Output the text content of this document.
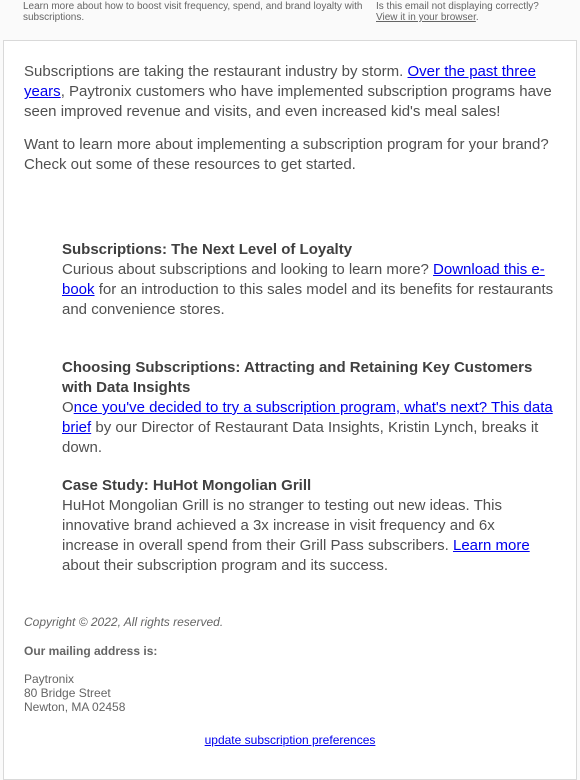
Learn more about how to boost visit frequency, spend, and brand loyalty with subscriptions.
Is this email not displaying correctly?
View it in your browser.

Subscriptions are taking the restaurant industry by storm. Over the past three years, Paytronix customers who have implemented subscription programs have seen improved revenue and visits, and even increased kid's meal sales!

Want to learn more about implementing a subscription program for your brand? Check out some of these resources to get started.

Subscriptions: The Next Level of Loyalty

Curious about subscriptions and looking to learn more? Download this e-book for an introduction to this sales model and its benefits for restaurants and convenience stores.

Choosing Subscriptions: Attracting and Retaining Key Customers with Data Insights

Once you've decided to try a subscription program, what's next? This data brief by our Director of Restaurant Data Insights, Kristin Lynch, breaks it down.

Case Study: HuHot Mongolian Grill

HuHot Mongolian Grill is no stranger to testing out new ideas. This innovative brand achieved a 3x increase in visit frequency and 6x increase in overall spend from their Grill Pass subscribers. Learn more about their subscription program and its success.

Copyright © 2022, All rights reserved.
Our mailing address is:
Paytronix
80 Bridge Street
Newton, MA 02458
update subscription preferences
